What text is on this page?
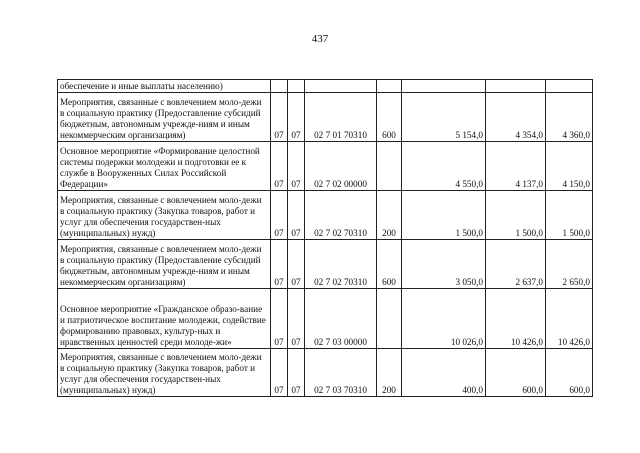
437
обеспечение и иные выплаты населению)							
Мероприятия, связанные с вовлечением моло-дежи в социальную практику (Предоставление субсидий бюджетным, автономным учрежде-ниям и иным некоммерческим организациям)	07	07	02 7 01 70310	600	5 154,0	4 354,0	4 360,0
Основное мероприятие «Формирование целостной системы подержки молодежи и подготовки ее к службе в Вооруженных Силах Российской Федерации»	07	07	02 7 02 00000		4 550,0	4 137,0	4 150,0
Мероприятия, связанные с вовлечением моло-дежи в социальную практику (Закупка товаров, работ и услуг для обеспечения государствен-ных (муниципальных) нужд)	07	07	02 7 02 70310	200	1 500,0	1 500,0	1 500,0
Мероприятия, связанные с вовлечением моло-дежи в социальную практику (Предоставление субсидий бюджетным, автономным учрежде-ниям и иным некоммерческим организациям)	07	07	02 7 02 70310	600	3 050,0	2 637,0	2 650,0
Основное мероприятие «Гражданское образо-вание и патриотическое воспитание молодежи, содействие формированию правовых, культур-ных и нравственных ценностей среди молоде-жи»	07	07	02 7 03 00000		10 026,0	10 426,0	10 426,0
Мероприятия, связанные с вовлечением моло-дежи в социальную практику (Закупка товаров, работ и услуг для обеспечения государствен-ных (муниципальных) нужд)	07	07	02 7 03 70310	200	400,0	600,0	600,0
